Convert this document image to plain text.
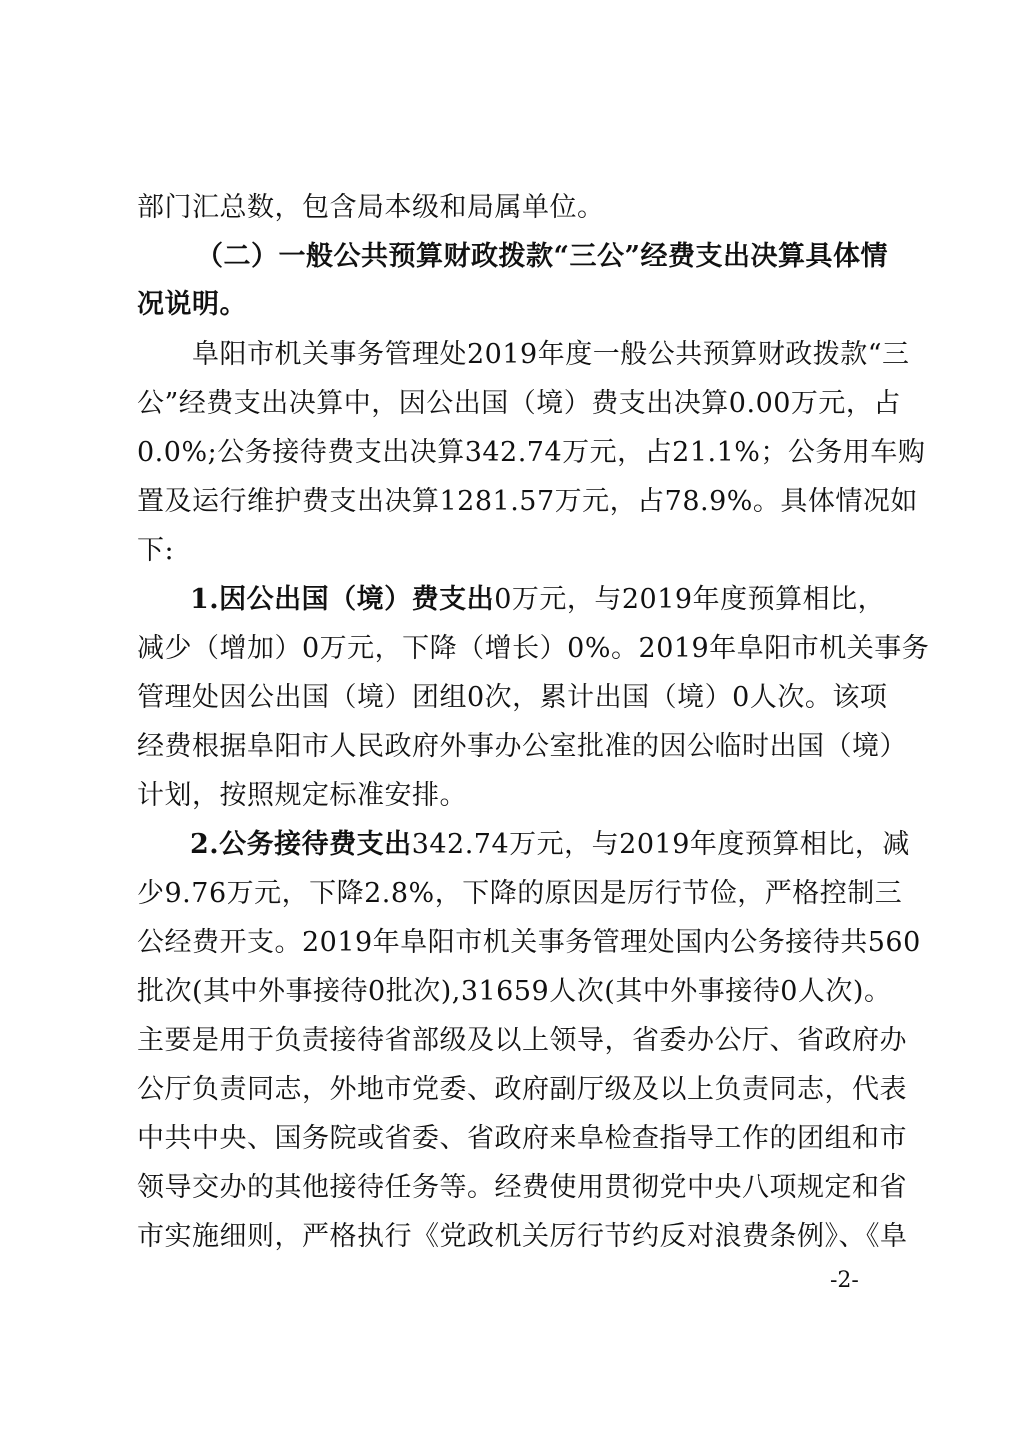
部门汇总数，包含局本级和局属单位。
（二）一般公共预算财政拨款“三公”经费支出决算具体情
况说明。
阜阳市机关事务管理处2019年度一般公共预算财政拨款“三
公”经费支出决算中，因公出国（境）费支出决算0.00万元，占
0.0%;公务接待费支出决算342.74万元，占21.1%；公务用车购
置及运行维护费支出决算1281.57万元，占78.9%。具体情况如
下:
1.因公出国（境）费支出0万元，与2019年度预算相比，
减少（增加）0万元，下降（增长）0%。2019年阜阳市机关事务
管理处因公出国（境）团组0次，累计出国（境）0人次。该项
经费根据阜阳市人民政府外事办公室批准的因公临时出国（境）
计划，按照规定标准安排。
2.公务接待费支出342.74万元，与2019年度预算相比，减
少9.76万元，下降2.8%，下降的原因是厉行节俭，严格控制三
公经费开支。2019年阜阳市机关事务管理处国内公务接待共560
批次(其中外事接待0批次),31659人次(其中外事接待0人次)。
主要是用于负责接待省部级及以上领导，省委办公厅、省政府办
公厅负责同志，外地市党委、政府副厅级及以上负责同志，代表
中共中央、国务院或省委、省政府来阜检查指导工作的团组和市
领导交办的其他接待任务等。经费使用贯彻党中央八项规定和省
市实施细则，严格执行《党政机关厉行节约反对浪费条例》、《阜
-2-
